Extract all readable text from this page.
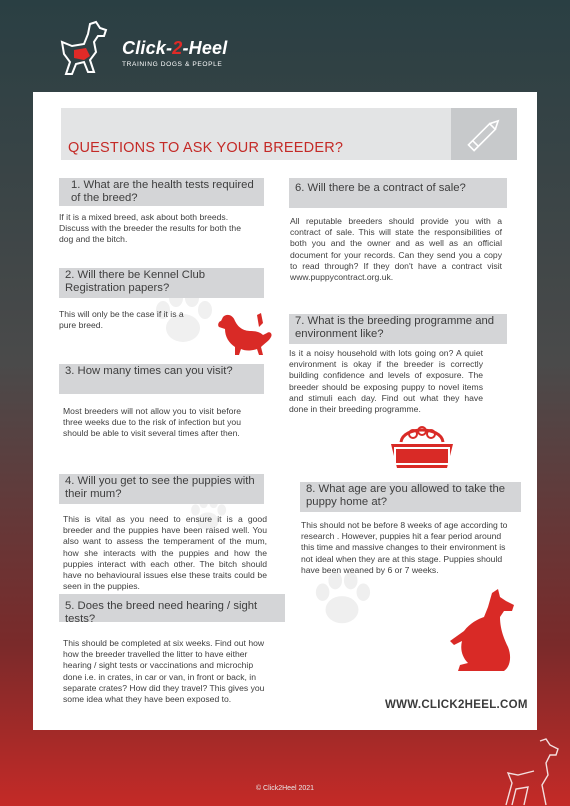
Click-2-Heel
TRAINING DOGS & PEOPLE
QUESTIONS TO ASK YOUR BREEDER?
1. What are the health tests required of the breed?
If it is a mixed breed, ask about both breeds. Discuss with the breeder the results for both the dog and the bitch.
2. Will there be Kennel Club Registration papers?
This will only be the case if it is a pure breed.
3. How many times can you visit?
Most breeders will not allow you to visit before three weeks due to the risk of infection but you should be able to visit several times after then.
4. Will you get to see the puppies with their mum?
This is vital as you need to ensure it is a good breeder and the puppies have been raised well. You also want to assess the temperament of the mum, how she interacts with the puppies and how the puppies interact with each other. The bitch should have no behavioural issues else these traits could be seen in the puppies.
5. Does the breed need hearing / sight tests?
This should be completed at six weeks. Find out how how the breeder travelled the litter to have either hearing / sight tests or vaccinations and microchip done i.e. in crates, in car or van, in front or back, in separate crates? How did they travel? This gives you some idea what they have been exposed to.
6. Will there be a contract of sale?
All reputable breeders should provide you with a contract of sale. This will state the responsibilities of both you and the owner and as well as an official document for your records. Can they send you a copy to read through? If they don't have a contract visit www.puppycontract.org.uk.
7. What is the breeding programme and environment like?
Is it a noisy household with lots going on? A quiet environment is okay if the breeder is correctly building confidence and levels of exposure. The breeder should be exposing puppy to novel items and stimuli each day. Find out what they have done in their breeding programme.
8. What age are you allowed to take the puppy home at?
This should not be before 8 weeks of age according to research . However, puppies hit a fear period around this time and massive changes to their environment is not ideal when they are at this stage. Puppies should have been weaned by 6 or 7 weeks.
WWW.CLICK2HEEL.COM
© Click2Heel 2021
